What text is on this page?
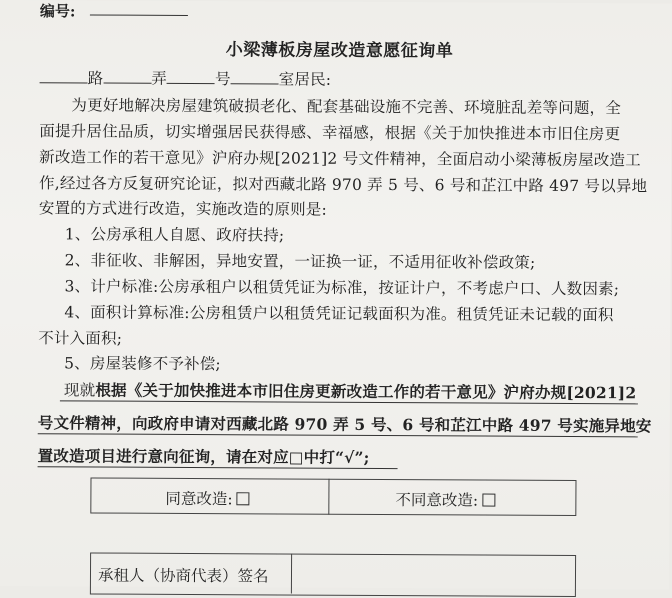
编号:
小梁薄板房屋改造意愿征询单
路	弄	号	室居民:
为更好地解决房屋建筑破损老化、配套基础设施不完善、环境脏乱差等问题，全
面提升居住品质，切实增强居民获得感、幸福感，根据《关于加快推进本市旧住房更
新改造工作的若干意见》沪府办规[2021]2 号文件精神，全面启动小梁薄板房屋改造工
作,经过各方反复研究论证，拟对西藏北路 970 弄 5 号、6 号和芷江中路 497 号以异地
安置的方式进行改造，实施改造的原则是:
1、公房承租人自愿、政府扶持;
2、非征收、非解困，异地安置，一证换一证，不适用征收补偿政策;
3、计户标准:公房承租户以租赁凭证为标准，按证计户，不考虑户口、人数因素;
4、面积计算标准:公房租赁户以租赁凭证记载面积为准。租赁凭证未记载的面积
不计入面积;
5、房屋装修不予补偿;
现就根据《关于加快推进本市旧住房更新改造工作的若干意见》沪府办规[2021]2
号文件精神，向政府申请对西藏北路 970 弄 5 号、6 号和芷江中路 497 号实施异地安
置改造项目进行意向征询，请在对应□中打“√”;
同意改造:	不同意改造:
承租人（协商代表）签名
